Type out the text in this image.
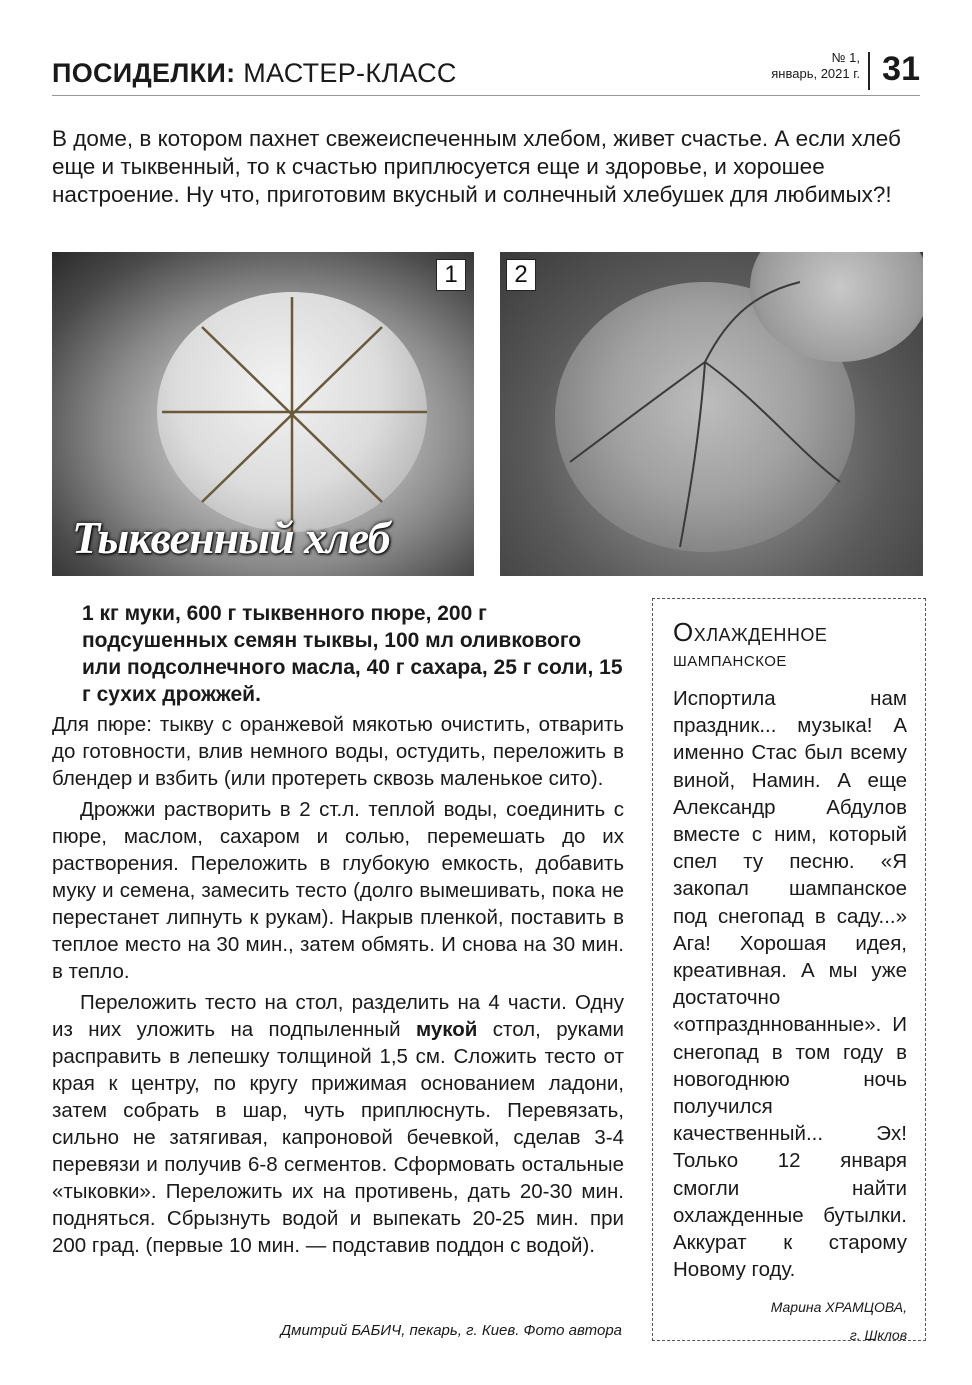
ПОСИДЕЛКИ: МАСТЕР-КЛАСС
№ 1,
январь, 2021 г. 31
В доме, в котором пахнет свежеиспеченным хлебом, живет счастье. А если хлеб еще и тыквенный, то к счастью приплюсуется еще и здоровье, и хорошее настроение. Ну что, приготовим вкусный и солнечный хлебушек для любимых?!
1
Тыквенный хлеб
2
1 кг муки, 600 г тыквенного пюре, 200 г подсушенных семян тыквы, 100 мл оливкового или подсолнечного масла, 40 г сахара, 25 г соли, 15 г сухих дрожжей.

Для пюре: тыкву с оранжевой мякотью очистить, отварить до готовности, влив немного воды, остудить, переложить в блендер и взбить (или протереть сквозь маленькое сито).

Дрожжи растворить в 2 ст.л. теплой воды, соединить с пюре, маслом, сахаром и солью, перемешать до их растворения. Переложить в глубокую емкость, добавить муку и семена, замесить тесто (долго вымешивать, пока не перестанет липнуть к рукам). Накрыв пленкой, поставить в теплое место на 30 мин., затем обмять. И снова на 30 мин. в тепло.

Переложить тесто на стол, разделить на 4 части. Одну из них уложить на подпыленный мукой стол, руками расправить в лепешку толщиной 1,5 см. Сложить тесто от края к центру, по кругу прижимая основанием ладони, затем собрать в шар, чуть приплюснуть. Перевязать, сильно не затягивая, капроновой бечевкой, сделав 3-4 перевязи и получив 6-8 сегментов. Сформовать остальные «тыковки». Переложить их на противень, дать 20-30 мин. подняться. Сбрызнуть водой и выпекать 20-25 мин. при 200 град. (первые 10 мин. — подставив поддон с водой).

Дмитрий БАБИЧ, пекарь, г. Киев. Фото автора
Охлажденное
шампанское

Испортила нам праздник... музыка! А именно Стас был всему виной, Намин. А еще Александр Абдулов вместе с ним, который спел ту песню. «Я закопал шампанское под снегопад в саду...» Ага! Хорошая идея, креативная. А мы уже достаточно «отпраздннованные». И снегопад в том году в новогоднюю ночь получился качественный... Эх! Только 12 января смогли найти охлажденные бутылки. Аккурат к старому Новому году.

Марина ХРАМЦОВА,
г. Шклов
